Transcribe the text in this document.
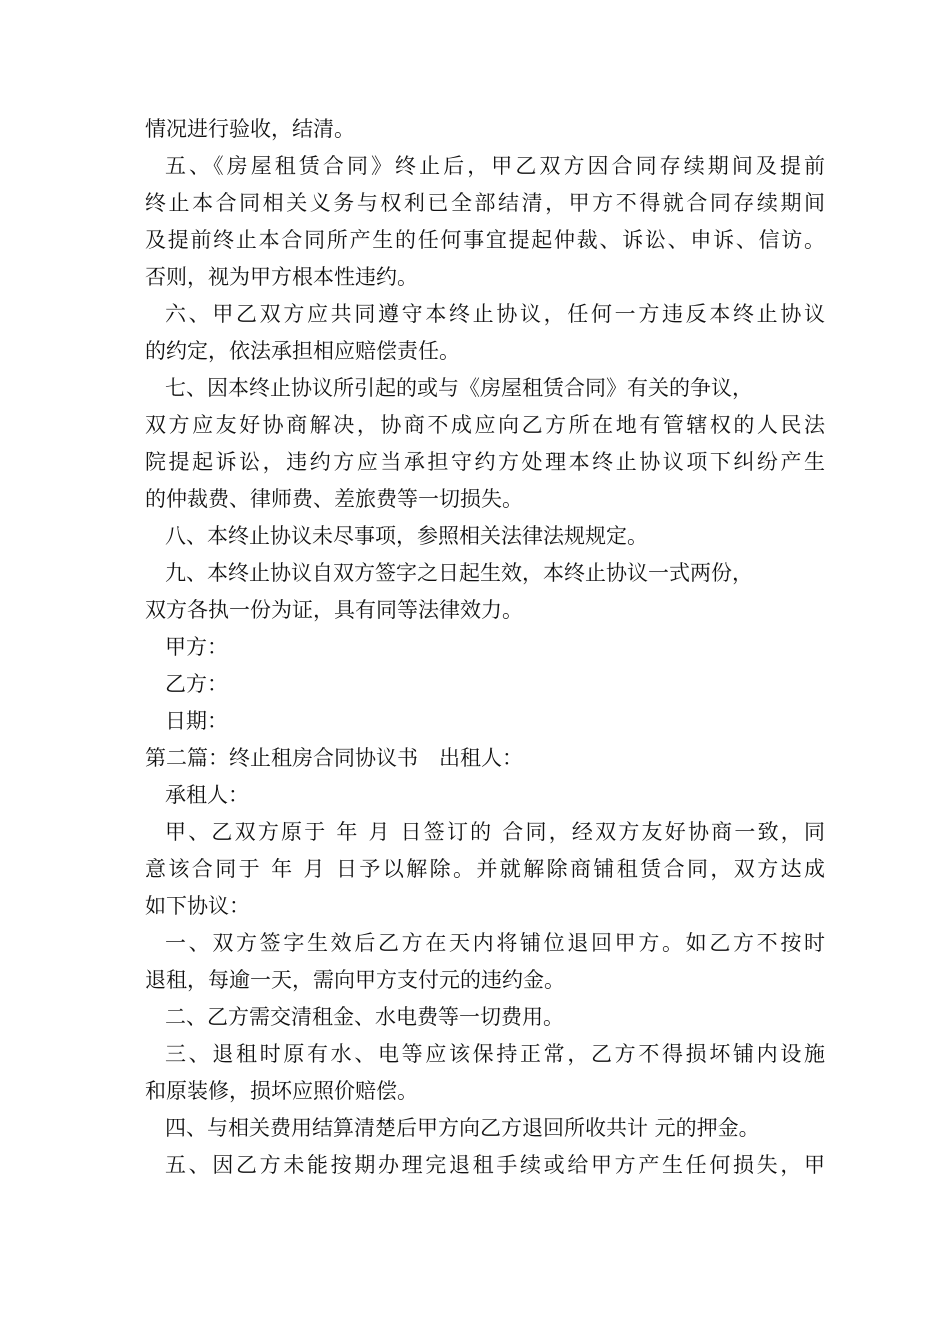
情况进行验收，结清。
五、《房屋租赁合同》终止后，甲乙双方因合同存续期间及提前
终止本合同相关义务与权利已全部结清，甲方不得就合同存续期间
及提前终止本合同所产生的任何事宜提起仲裁、诉讼、申诉、信访。
否则，视为甲方根本性违约。
六、甲乙双方应共同遵守本终止协议，任何一方违反本终止协议
的约定，依法承担相应赔偿责任。
七、因本终止协议所引起的或与《房屋租赁合同》有关的争议，
双方应友好协商解决，协商不成应向乙方所在地有管辖权的人民法
院提起诉讼，违约方应当承担守约方处理本终止协议项下纠纷产生
的仲裁费、律师费、差旅费等一切损失。
八、本终止协议未尽事项，参照相关法律法规规定。
九、本终止协议自双方签字之日起生效，本终止协议一式两份，
双方各执一份为证，具有同等法律效力。
甲方：
乙方：
日期：
第二篇：终止租房合同协议书　出租人：
承租人：
甲、乙双方原于 年 月 日签订的 合同，经双方友好协商一致，同
意该合同于 年 月 日予以解除。并就解除商铺租赁合同，双方达成
如下协议：
一、双方签字生效后乙方在天内将铺位退回甲方。如乙方不按时
退租，每逾一天，需向甲方支付元的违约金。
二、乙方需交清租金、水电费等一切费用。
三、退租时原有水、电等应该保持正常，乙方不得损坏铺内设施
和原装修，损坏应照价赔偿。
四、与相关费用结算清楚后甲方向乙方退回所收共计 元的押金。
五、因乙方未能按期办理完退租手续或给甲方产生任何损失，甲
